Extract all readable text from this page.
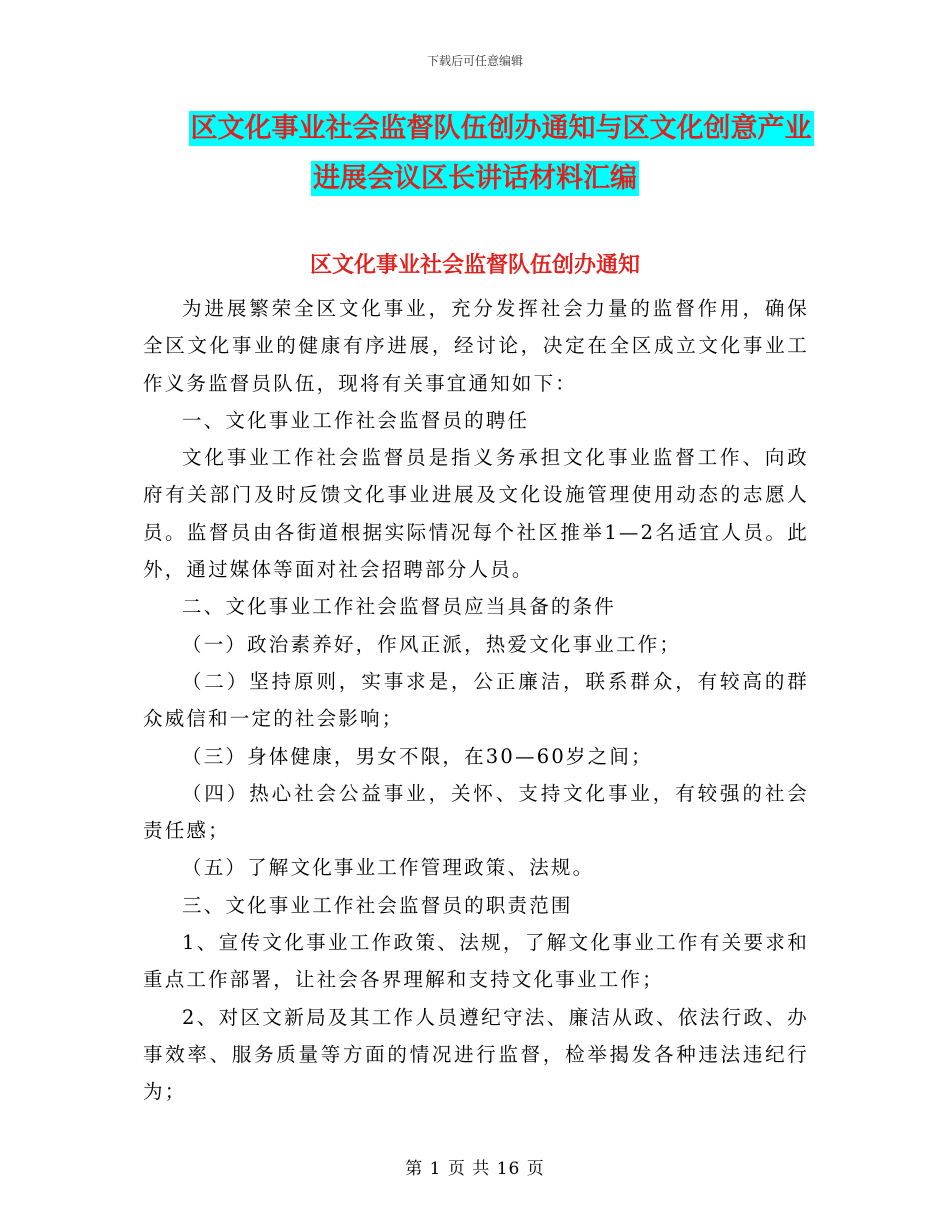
下载后可任意编辑
区文化事业社会监督队伍创办通知与区文化创意产业
进展会议区长讲话材料汇编
区文化事业社会监督队伍创办通知

为进展繁荣全区文化事业，充分发挥社会力量的监督作用，确保全区文化事业的健康有序进展，经讨论，决定在全区成立文化事业工作义务监督员队伍，现将有关事宜通知如下：

一、文化事业工作社会监督员的聘任

文化事业工作社会监督员是指义务承担文化事业监督工作、向政府有关部门及时反馈文化事业进展及文化设施管理使用动态的志愿人员。监督员由各街道根据实际情况每个社区推举1—2名适宜人员。此外，通过媒体等面对社会招聘部分人员。

二、文化事业工作社会监督员应当具备的条件

（一）政治素养好，作风正派，热爱文化事业工作；

（二）坚持原则，实事求是，公正廉洁，联系群众，有较高的群众威信和一定的社会影响；

（三）身体健康，男女不限，在30—60岁之间；

（四）热心社会公益事业，关怀、支持文化事业，有较强的社会责任感；

（五）了解文化事业工作管理政策、法规。

三、文化事业工作社会监督员的职责范围

1、宣传文化事业工作政策、法规，了解文化事业工作有关要求和重点工作部署，让社会各界理解和支持文化事业工作；

2、对区文新局及其工作人员遵纪守法、廉洁从政、依法行政、办事效率、服务质量等方面的情况进行监督，检举揭发各种违法违纪行为；

第 1 页 共 16 页
